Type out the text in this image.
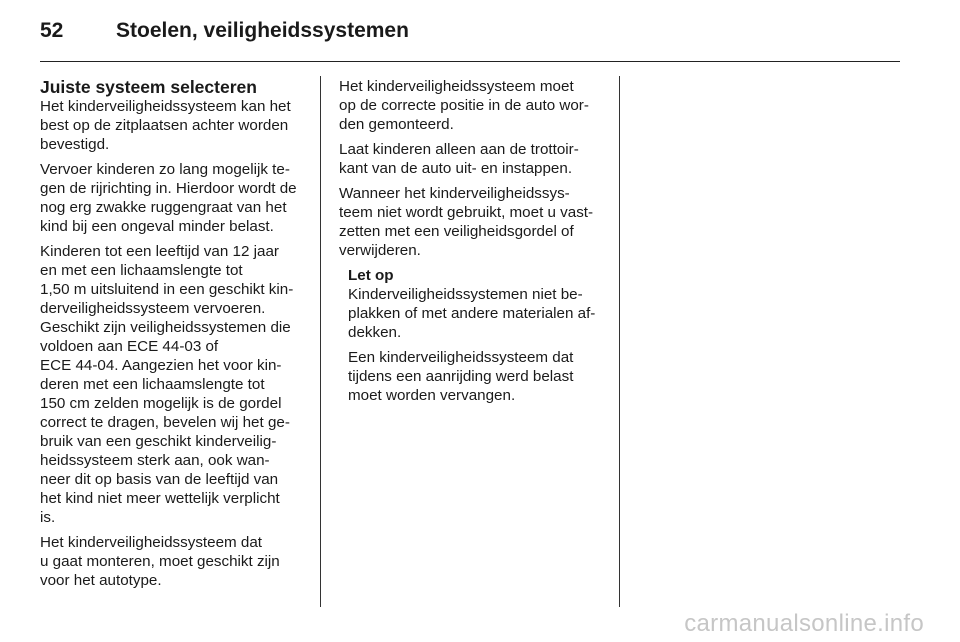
52	Stoelen, veiligheidssystemen
Juiste systeem selecteren

Het kinderveiligheidssysteem kan het
best op de zitplaatsen achter worden
bevestigd.

Vervoer kinderen zo lang mogelijk te-
gen de rijrichting in. Hierdoor wordt de
nog erg zwakke ruggengraat van het
kind bij een ongeval minder belast.

Kinderen tot een leeftijd van 12 jaar
en met een lichaamslengte tot
1,50 m uitsluitend in een geschikt kin-
derveiligheidssysteem vervoeren.
Geschikt zijn veiligheidssystemen die
voldoen aan ECE 44-03 of
ECE 44-04. Aangezien het voor kin-
deren met een lichaamslengte tot
150 cm zelden mogelijk is de gordel
correct te dragen, bevelen wij het ge-
bruik van een geschikt kinderveilig-
heidssysteem sterk aan, ook wan-
neer dit op basis van de leeftijd van
het kind niet meer wettelijk verplicht
is.

Het kinderveiligheidssysteem dat
u gaat monteren, moet geschikt zijn
voor het autotype.

Het kinderveiligheidssysteem moet
op de correcte positie in de auto wor-
den gemonteerd.

Laat kinderen alleen aan de trottoir-
kant van de auto uit- en instappen.

Wanneer het kinderveiligheidssys-
teem niet wordt gebruikt, moet u vast-
zetten met een veiligheidsgordel of
verwijderen.

Let op

Kinderveiligheidssystemen niet be-
plakken of met andere materialen af-
dekken.

Een kinderveiligheidssysteem dat
tijdens een aanrijding werd belast
moet worden vervangen.

carmanualsonline.info
